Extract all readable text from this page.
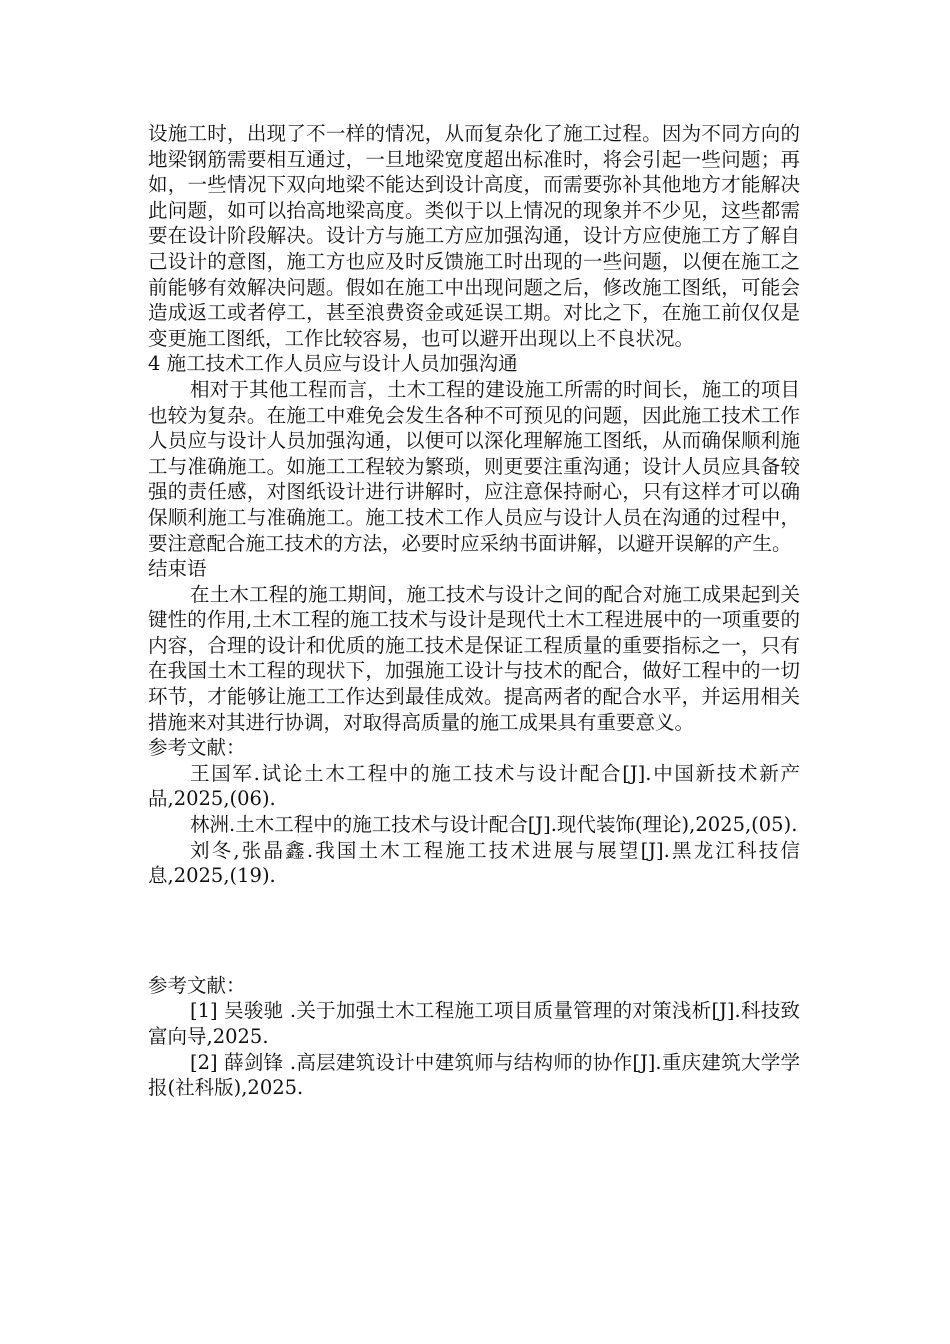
设施工时，出现了不一样的情况，从而复杂化了施工过程。因为不同方向的地梁钢筋需要相互通过，一旦地梁宽度超出标准时，将会引起一些问题；再如，一些情况下双向地梁不能达到设计高度，而需要弥补其他地方才能解决此问题，如可以抬高地梁高度。类似于以上情况的现象并不少见，这些都需要在设计阶段解决。设计方与施工方应加强沟通，设计方应使施工方了解自己设计的意图，施工方也应及时反馈施工时出现的一些问题，以便在施工之前能够有效解决问题。假如在施工中出现问题之后，修改施工图纸，可能会造成返工或者停工，甚至浪费资金或延误工期。对比之下，在施工前仅仅是变更施工图纸，工作比较容易，也可以避开出现以上不良状况。

4 施工技术工作人员应与设计人员加强沟通

相对于其他工程而言，土木工程的建设施工所需的时间长，施工的项目也较为复杂。在施工中难免会发生各种不可预见的问题，因此施工技术工作人员应与设计人员加强沟通，以便可以深化理解施工图纸，从而确保顺利施工与准确施工。如施工工程较为繁琐，则更要注重沟通；设计人员应具备较强的责任感，对图纸设计进行讲解时，应注意保持耐心，只有这样才可以确保顺利施工与准确施工。施工技术工作人员应与设计人员在沟通的过程中，要注意配合施工技术的方法，必要时应采纳书面讲解，以避开误解的产生。

结束语

在土木工程的施工期间，施工技术与设计之间的配合对施工成果起到关键性的作用,土木工程的施工技术与设计是现代土木工程进展中的一项重要的内容，合理的设计和优质的施工技术是保证工程质量的重要指标之一，只有在我国土木工程的现状下，加强施工设计与技术的配合，做好工程中的一切环节，才能够让施工工作达到最佳成效。提高两者的配合水平，并运用相关措施来对其进行协调，对取得高质量的施工成果具有重要意义。

参考文献：

王国军.试论土木工程中的施工技术与设计配合[J].中国新技术新产品,2025,(06).

林洲.土木工程中的施工技术与设计配合[J].现代装饰(理论),2025,(05).

刘冬,张晶鑫.我国土木工程施工技术进展与展望[J].黑龙江科技信息,2025,(19).

参考文献：

[1] 吴骏驰 .关于加强土木工程施工项目质量管理的对策浅析[J].科技致富向导,2025.

[2] 薛剑锋 .高层建筑设计中建筑师与结构师的协作[J].重庆建筑大学学报(社科版),2025.
